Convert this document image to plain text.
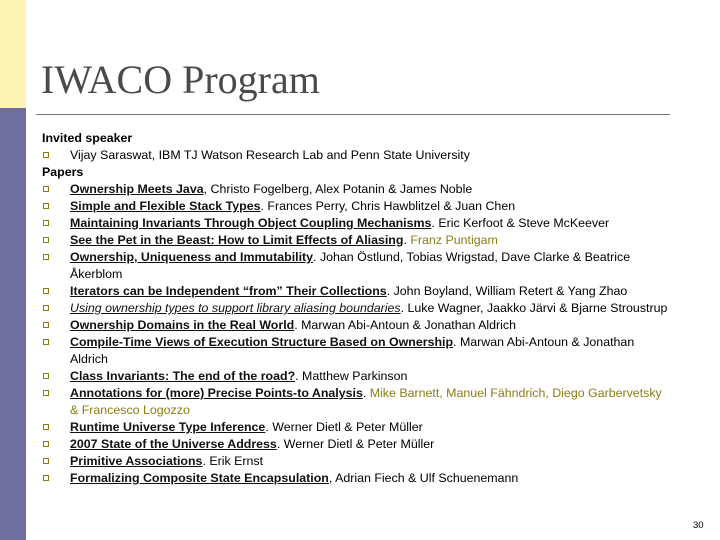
IWACO Program
Invited speaker
Vijay Saraswat, IBM TJ Watson Research Lab and Penn State University
Papers
Ownership Meets Java, Christo Fogelberg, Alex Potanin & James Noble
Simple and Flexible Stack Types. Frances Perry, Chris Hawblitzel & Juan Chen
Maintaining Invariants Through Object Coupling Mechanisms. Eric Kerfoot & Steve McKeever
See the Pet in the Beast: How to Limit Effects of Aliasing. Franz Puntigam
Ownership, Uniqueness and Immutability. Johan Östlund, Tobias Wrigstad, Dave Clarke & Beatrice Åkerblom
Iterators can be Independent “from” Their Collections. John Boyland, William Retert & Yang Zhao
Using ownership types to support library aliasing boundaries. Luke Wagner, Jaakko Järvi & Bjarne Stroustrup
Ownership Domains in the Real World. Marwan Abi-Antoun & Jonathan Aldrich
Compile-Time Views of Execution Structure Based on Ownership. Marwan Abi-Antoun & Jonathan Aldrich
Class Invariants: The end of the road?. Matthew Parkinson
Annotations for (more) Precise Points-to Analysis. Mike Barnett, Manuel Fähndrich, Diego Garbervetsky & Francesco Logozzo
Runtime Universe Type Inference. Werner Dietl & Peter Müller
2007 State of the Universe Address. Werner Dietl & Peter Müller
Primitive Associations. Erik Ernst
Formalizing Composite State Encapsulation, Adrian Fiech & Ulf Schuenemann
30
